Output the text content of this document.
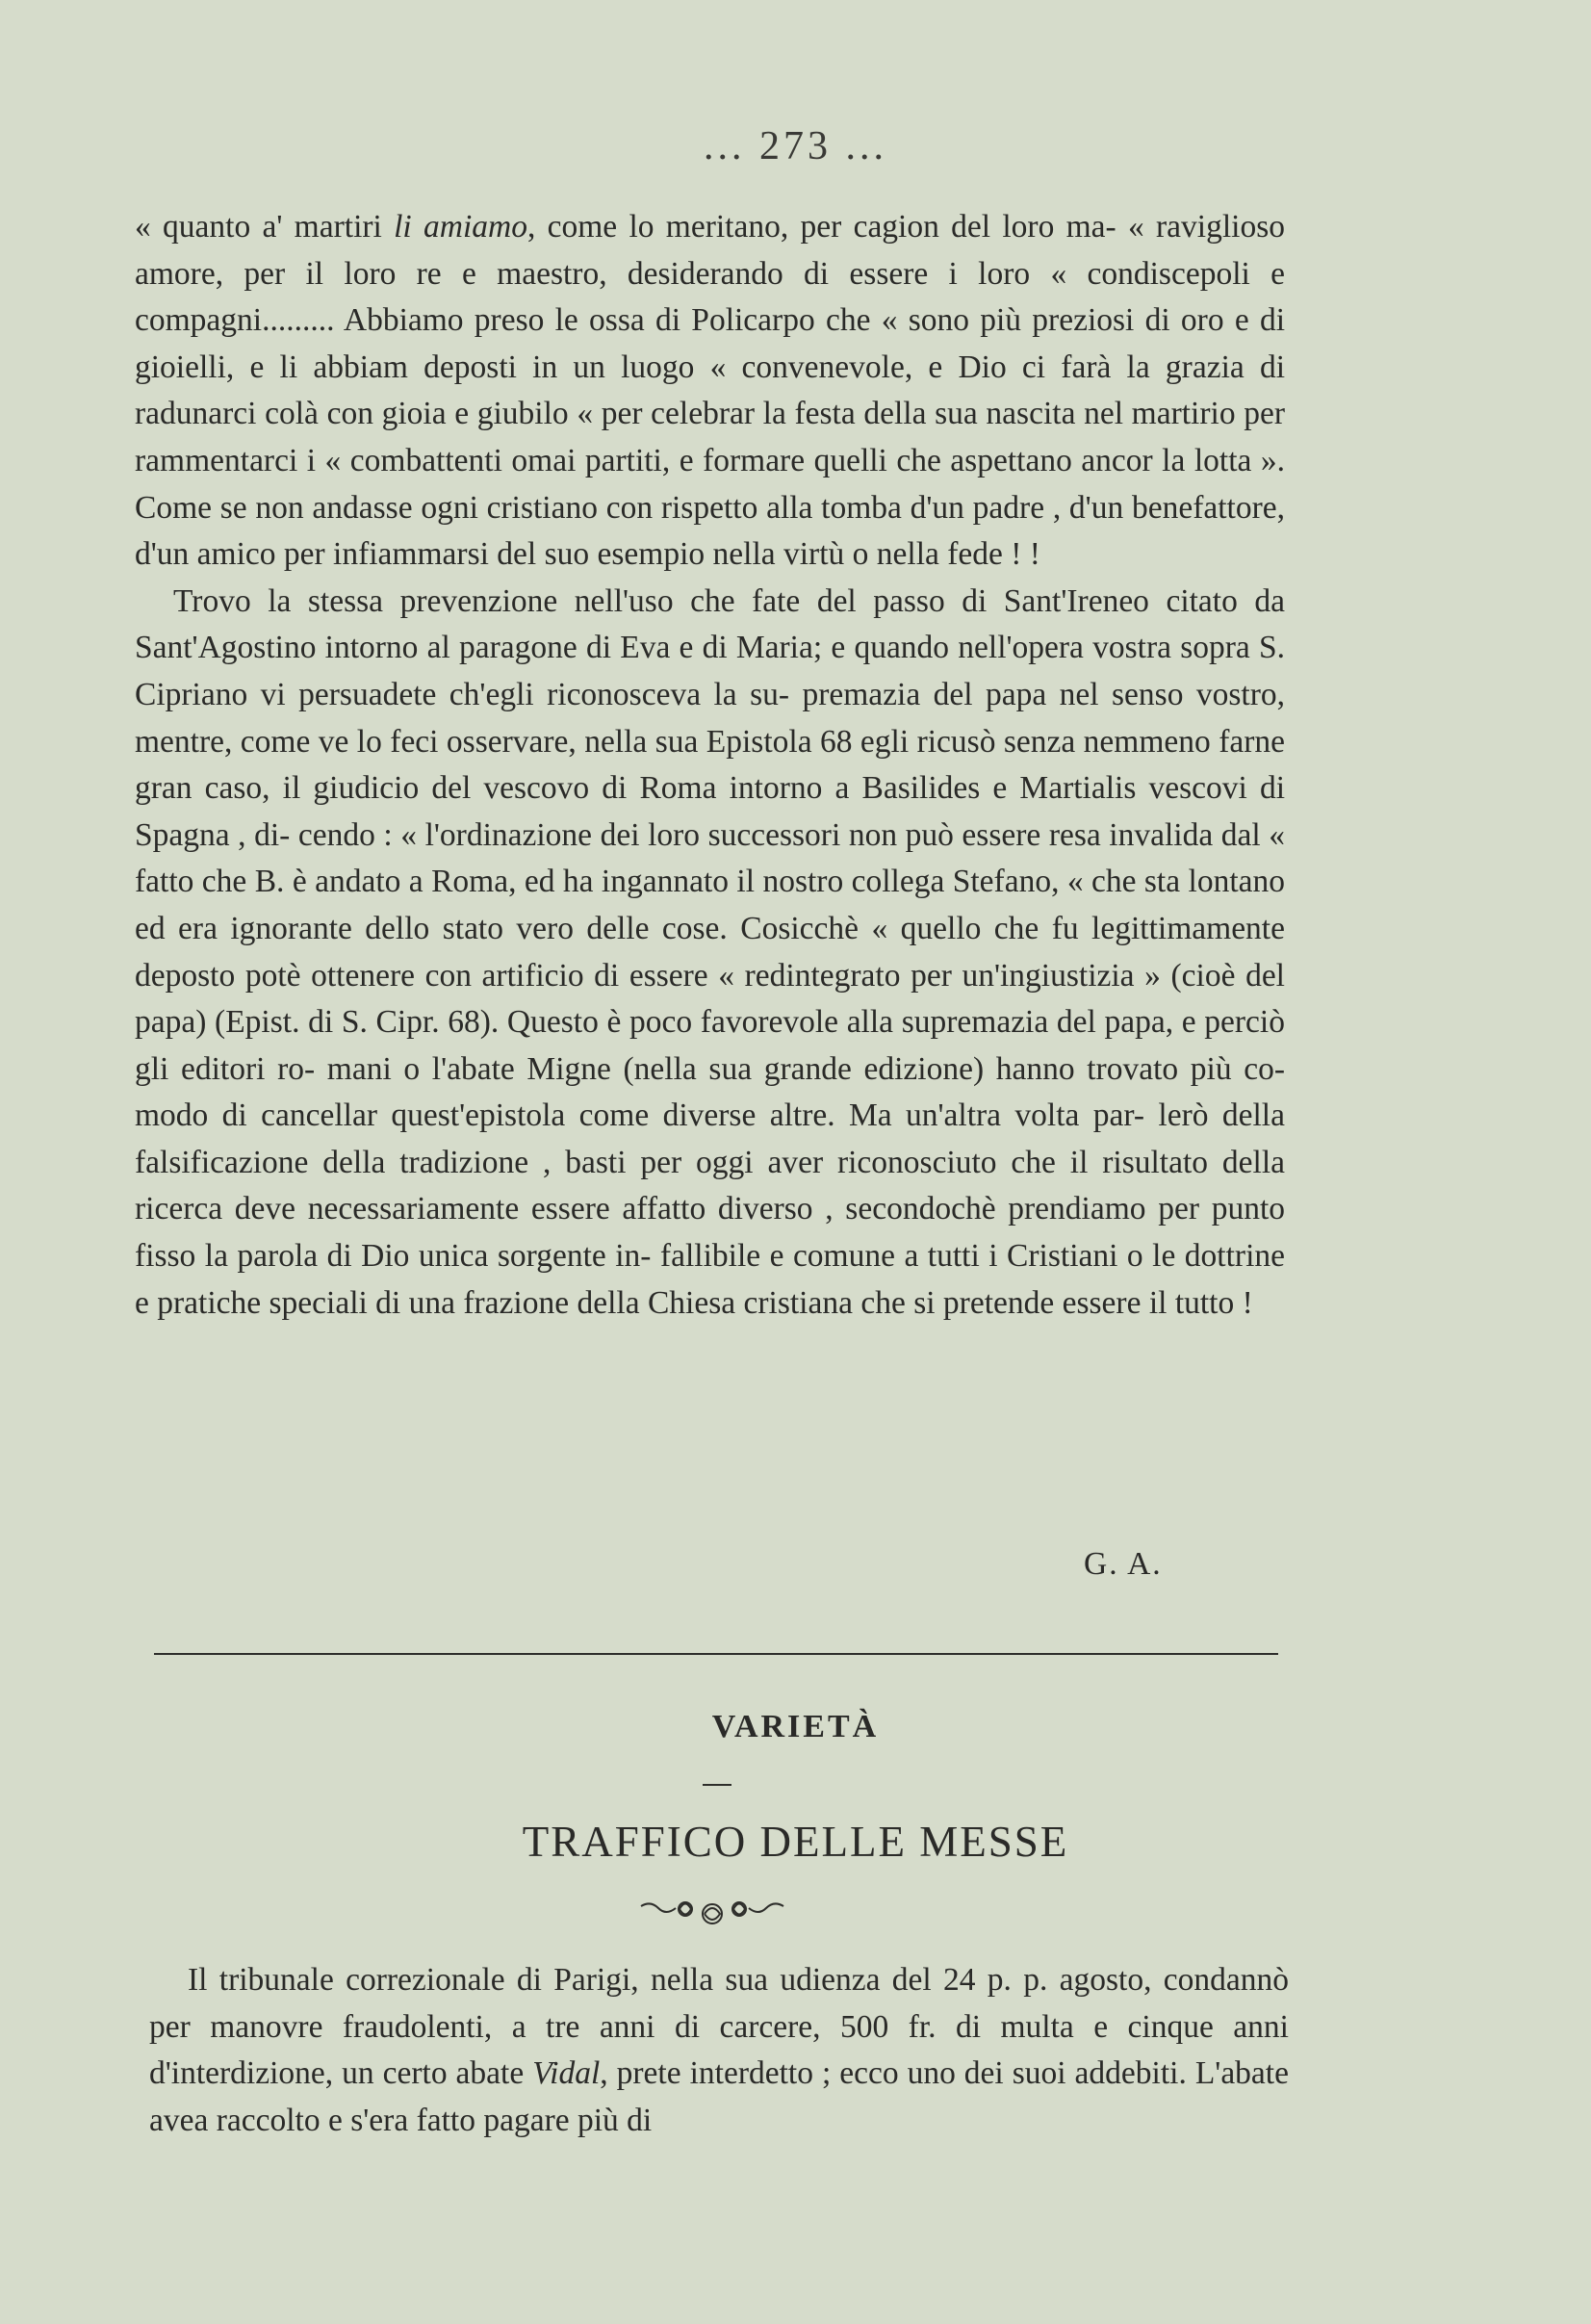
... 273 ...

« quanto a' martiri li amiamo, come lo meritano, per cagion del loro ma- « raviglioso amore, per il loro re e maestro, desiderando di essere i loro « condiscepoli e compagni......... Abbiamo preso le ossa di Policarpo che « sono più preziosi di oro e di gioielli, e li abbiam deposti in un luogo « convenevole, e Dio ci farà la grazia di radunarci colà con gioia e giubilo « per celebrar la festa della sua nascita nel martirio per rammentarci i « combattenti omai partiti, e formare quelli che aspettano ancor la lotta ». Come se non andasse ogni cristiano con rispetto alla tomba d'un padre , d'un benefattore, d'un amico per infiammarsi del suo esempio nella virtù o nella fede ! !

Trovo la stessa prevenzione nell'uso che fate del passo di Sant'Ireneo citato da Sant'Agostino intorno al paragone di Eva e di Maria; e quando nell'opera vostra sopra S. Cipriano vi persuadete ch'egli riconosceva la su- premazia del papa nel senso vostro, mentre, come ve lo feci osservare, nella sua Epistola 68 egli ricusò senza nemmeno farne gran caso, il giudicio del vescovo di Roma intorno a Basilides e Martialis vescovi di Spagna , di- cendo : « l'ordinazione dei loro successori non può essere resa invalida dal « fatto che B. è andato a Roma, ed ha ingannato il nostro collega Stefano, « che sta lontano ed era ignorante dello stato vero delle cose. Cosicchè « quello che fu legittimamente deposto potè ottenere con artificio di essere « redintegrato per un'ingiustizia » (cioè del papa) (Epist. di S. Cipr. 68). Questo è poco favorevole alla supremazia del papa, e perciò gli editori ro- mani o l'abate Migne (nella sua grande edizione) hanno trovato più co- modo di cancellar quest'epistola come diverse altre. Ma un'altra volta par- lerò della falsificazione della tradizione , basti per oggi aver riconosciuto che il risultato della ricerca deve necessariamente essere affatto diverso , secondochè prendiamo per punto fisso la parola di Dio unica sorgente in- fallibile e comune a tutti i Cristiani o le dottrine e pratiche speciali di una frazione della Chiesa cristiana che si pretende essere il tutto !

G. A.
VARIETÀ
TRAFFICO DELLE MESSE

Il tribunale correzionale di Parigi, nella sua udienza del 24 p. p. agosto, condannò per manovre fraudolenti, a tre anni di carcere, 500 fr. di multa e cinque anni d'interdizione, un certo abate Vidal, prete interdetto ; ecco uno dei suoi addebiti. L'abate avea raccolto e s'era fatto pagare più di
